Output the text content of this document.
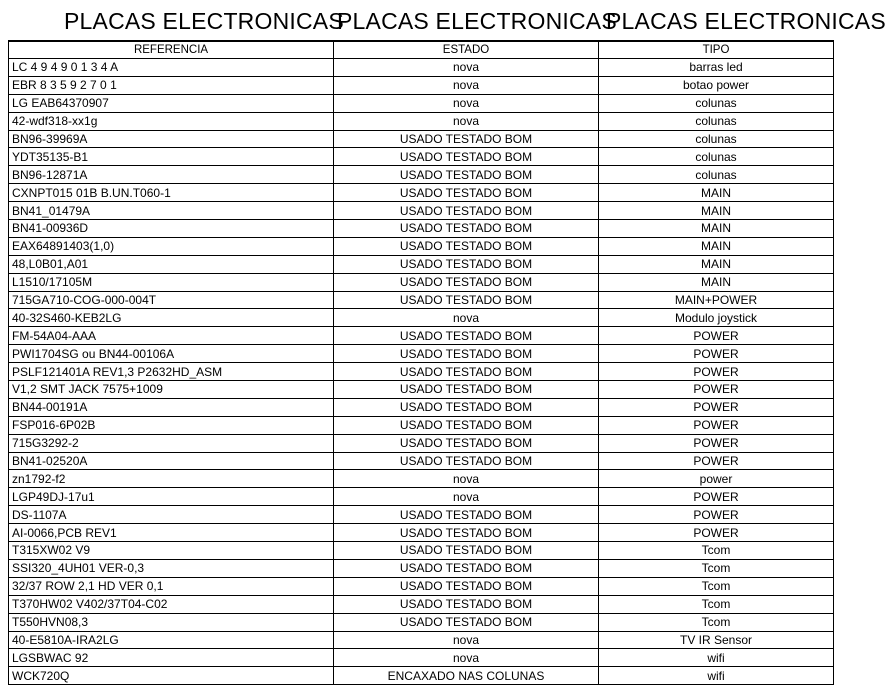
PLACAS ELECTRONICAS
PLACAS ELECTRONICAS
PLACAS ELECTRONICAS
REFERENCIA	ESTADO	TIPO
LC 4 9 4 9 0 1 3 4 A	nova	barras led
EBR 8 3 5 9 2 7 0 1	nova	botao power
LG EAB64370907	nova	colunas
42-wdf318-xx1g	nova	colunas
BN96-39969A	USADO TESTADO BOM	colunas
YDT35135-B1	USADO TESTADO BOM	colunas
BN96-12871A	USADO TESTADO BOM	colunas
CXNPT015 01B B.UN.T060-1	USADO TESTADO BOM	MAIN
BN41_01479A	USADO TESTADO BOM	MAIN
BN41-00936D	USADO TESTADO BOM	MAIN
EAX64891403(1,0)	USADO TESTADO BOM	MAIN
48,L0B01,A01	USADO TESTADO BOM	MAIN
L1510/17105M	USADO TESTADO BOM	MAIN
715GA710-COG-000-004T	USADO TESTADO BOM	MAIN+POWER
40-32S460-KEB2LG	nova	Modulo joystick
FM-54A04-AAA	USADO TESTADO BOM	POWER
PWI1704SG ou BN44-00106A	USADO TESTADO BOM	POWER
PSLF121401A REV1,3 P2632HD_ASM	USADO TESTADO BOM	POWER
V1,2 SMT JACK 7575+1009	USADO TESTADO BOM	POWER
BN44-00191A	USADO TESTADO BOM	POWER
FSP016-6P02B	USADO TESTADO BOM	POWER
715G3292-2	USADO TESTADO BOM	POWER
BN41-02520A	USADO TESTADO BOM	POWER
zn1792-f2	nova	power
LGP49DJ-17u1	nova	POWER
DS-1107A	USADO TESTADO BOM	POWER
AI-0066,PCB REV1	USADO TESTADO BOM	POWER
T315XW02 V9	USADO TESTADO BOM	Tcom
SSI320_4UH01 VER-0,3	USADO TESTADO BOM	Tcom
32/37 ROW 2,1 HD VER 0,1	USADO TESTADO BOM	Tcom
T370HW02 V402/37T04-C02	USADO TESTADO BOM	Tcom
T550HVN08,3	USADO TESTADO BOM	Tcom
40-E5810A-IRA2LG	nova	TV IR Sensor
LGSBWAC 92	nova	wifi
WCK720Q	ENCAXADO NAS COLUNAS	wifi
